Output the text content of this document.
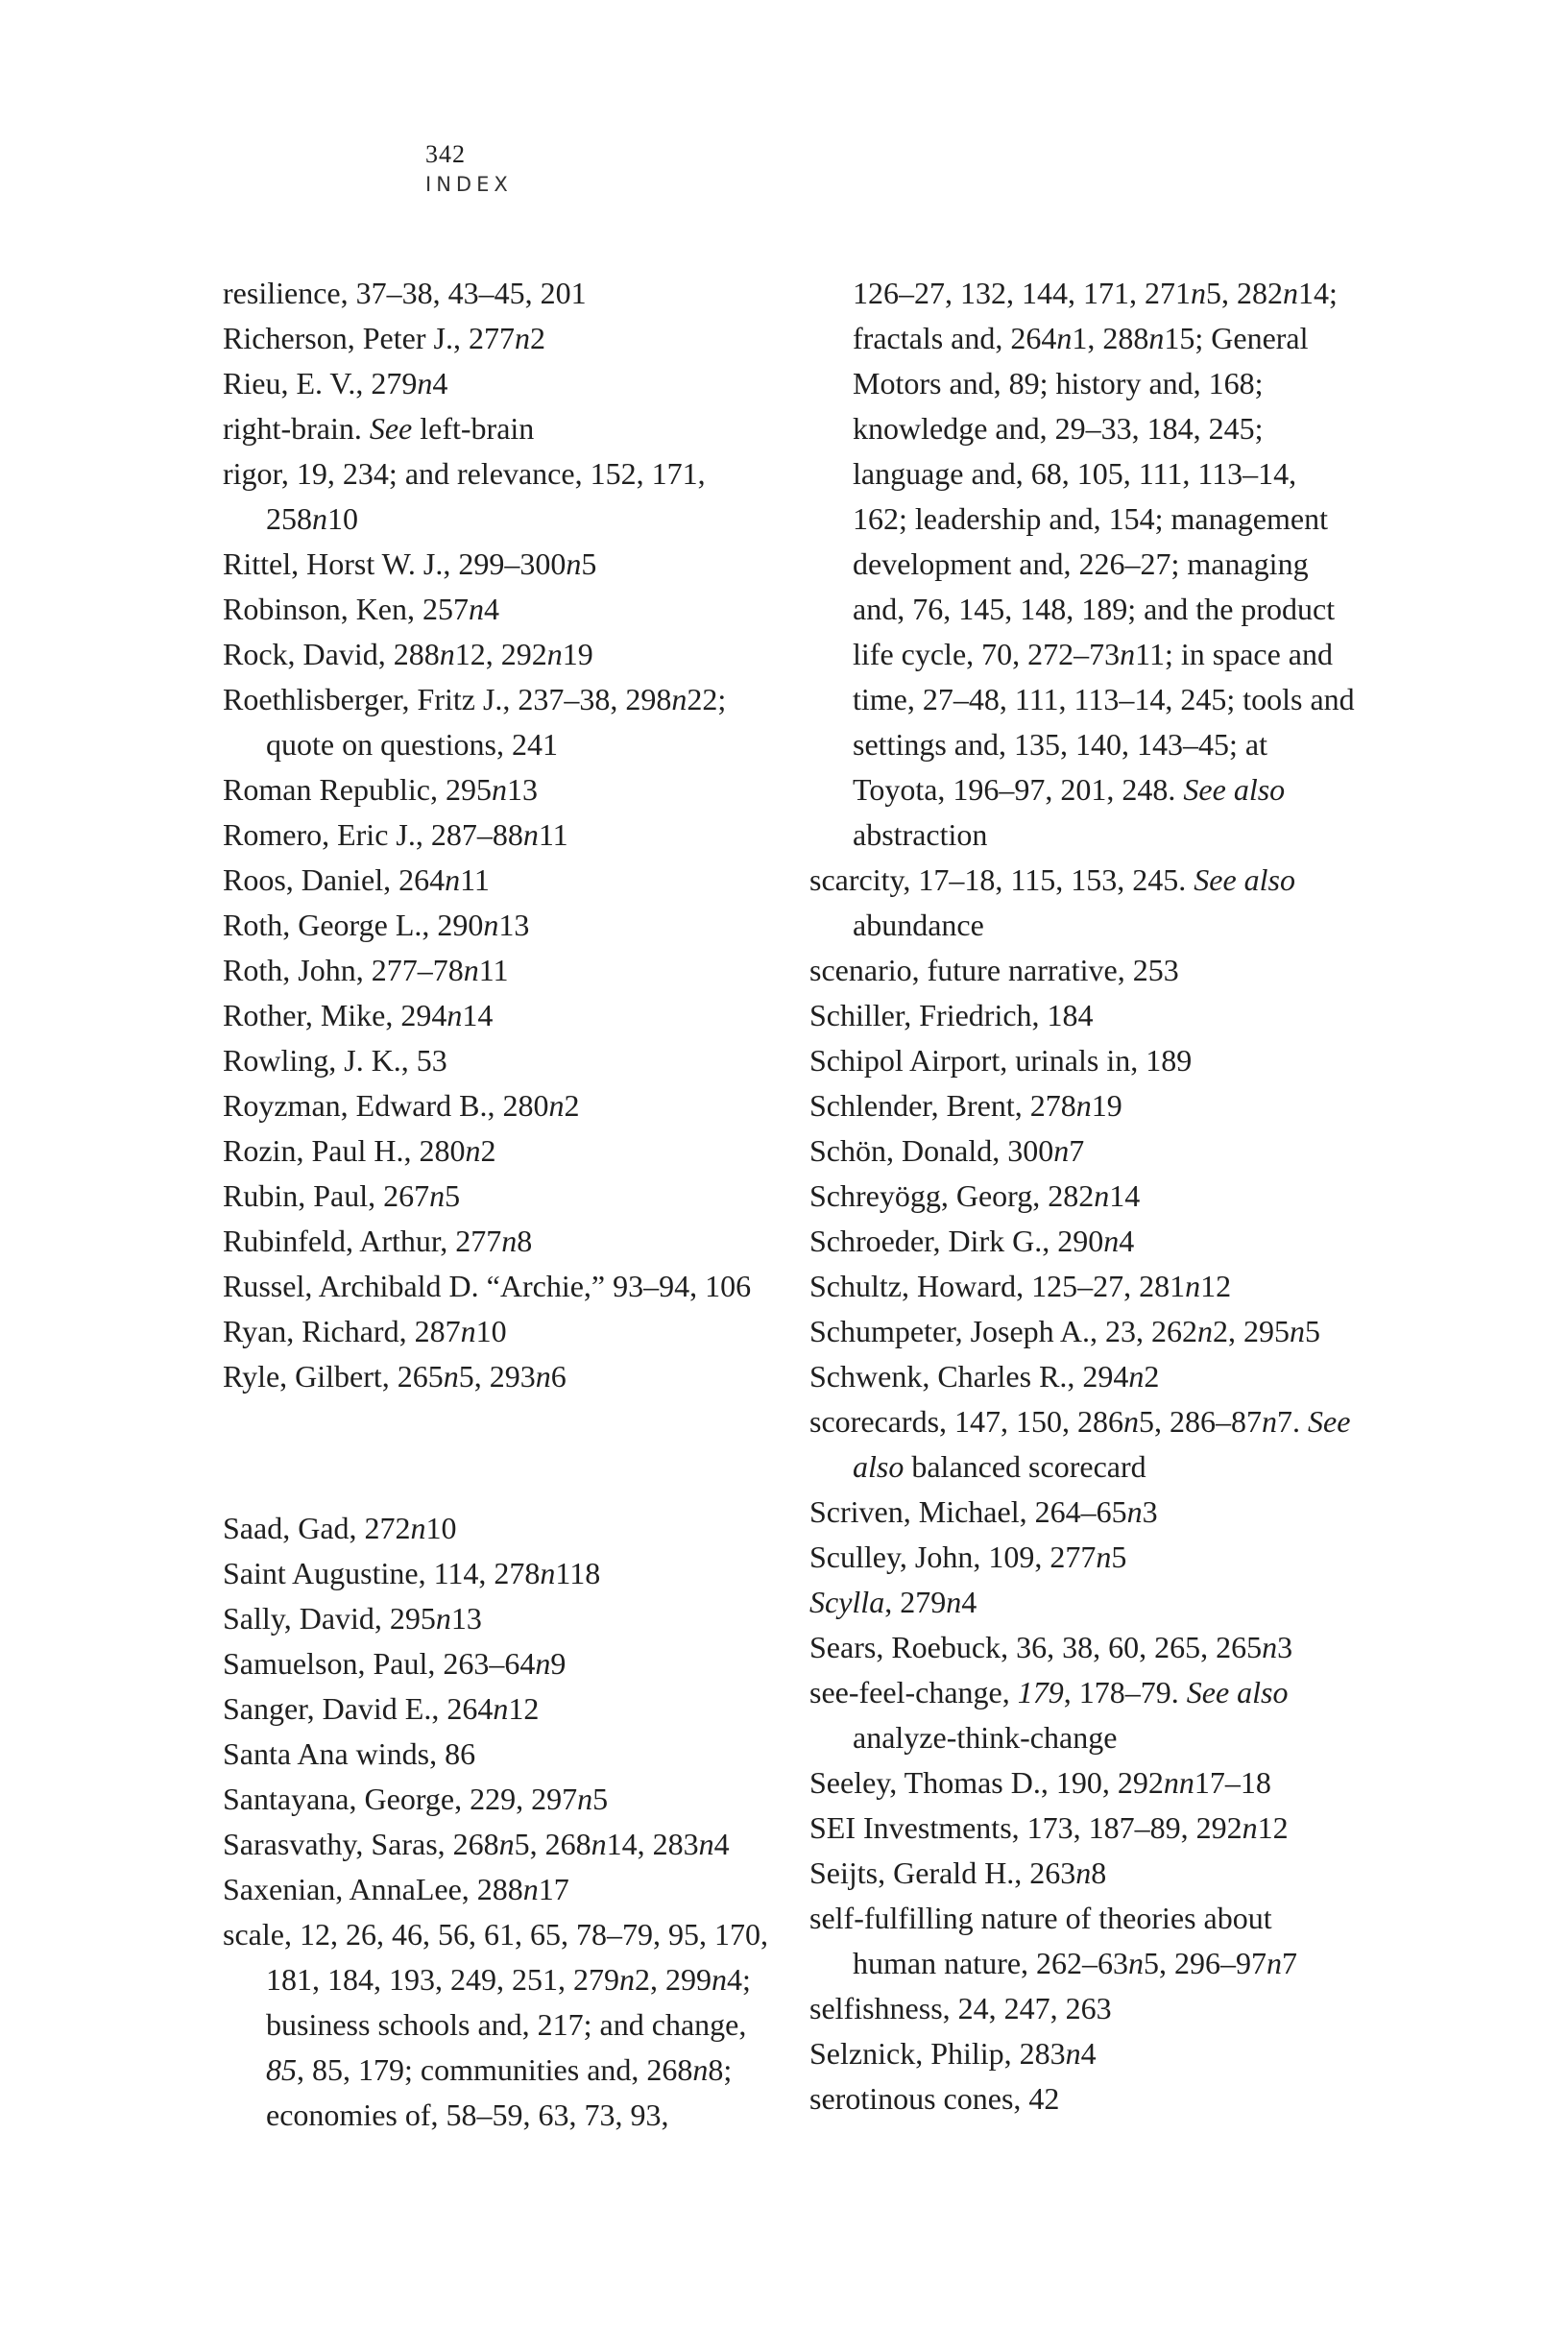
342
INDEX

resilience, 37–38, 43–45, 201

Richerson, Peter J., 277n2

Rieu, E. V., 279n4

right-brain. See left-brain

rigor, 19, 234; and relevance, 152, 171, 258n10

Rittel, Horst W. J., 299–300n5

Robinson, Ken, 257n4

Rock, David, 288n12, 292n19

Roethlisberger, Fritz J., 237–38, 298n22; quote on questions, 241

Roman Republic, 295n13

Romero, Eric J., 287–88n11

Roos, Daniel, 264n11

Roth, George L., 290n13

Roth, John, 277–78n11

Rother, Mike, 294n14

Rowling, J. K., 53

Royzman, Edward B., 280n2

Rozin, Paul H., 280n2

Rubin, Paul, 267n5

Rubinfeld, Arthur, 277n8

Russel, Archibald D. “Archie,” 93–94, 106

Ryan, Richard, 287n10

Ryle, Gilbert, 265n5, 293n6

Saad, Gad, 272n10

Saint Augustine, 114, 278n118

Sally, David, 295n13

Samuelson, Paul, 263–64n9

Sanger, David E., 264n12

Santa Ana winds, 86

Santayana, George, 229, 297n5

Sarasvathy, Saras, 268n5, 268n14, 283n4

Saxenian, AnnaLee, 288n17

scale, 12, 26, 46, 56, 61, 65, 78–79, 95, 170, 181, 184, 193, 249, 251, 279n2, 299n4; business schools and, 217; and change, 85, 85, 179; communities and, 268n8; economies of, 58–59, 63, 73, 93,

126–27, 132, 144, 171, 271n5, 282n14; fractals and, 264n1, 288n15; General Motors and, 89; history and, 168; knowledge and, 29–33, 184, 245; language and, 68, 105, 111, 113–14, 162; leadership and, 154; management development and, 226–27; managing and, 76, 145, 148, 189; and the product life cycle, 70, 272–73n11; in space and time, 27–48, 111, 113–14, 245; tools and settings and, 135, 140, 143–45; at Toyota, 196–97, 201, 248. See also abstraction

scarcity, 17–18, 115, 153, 245. See also abundance

scenario, future narrative, 253

Schiller, Friedrich, 184

Schipol Airport, urinals in, 189

Schlender, Brent, 278n19

Schön, Donald, 300n7

Schreyögg, Georg, 282n14

Schroeder, Dirk G., 290n4

Schultz, Howard, 125–27, 281n12

Schumpeter, Joseph A., 23, 262n2, 295n5

Schwenk, Charles R., 294n2

scorecards, 147, 150, 286n5, 286–87n7. See also balanced scorecard

Scriven, Michael, 264–65n3

Sculley, John, 109, 277n5

Scylla, 279n4

Sears, Roebuck, 36, 38, 60, 265, 265n3

see-feel-change, 179, 178–79. See also analyze-think-change

Seeley, Thomas D., 190, 292nn17–18

SEI Investments, 173, 187–89, 292n12

Seijts, Gerald H., 263n8

self-fulfilling nature of theories about human nature, 262–63n5, 296–97n7

selfishness, 24, 247, 263

Selznick, Philip, 283n4

serotinous cones, 42
